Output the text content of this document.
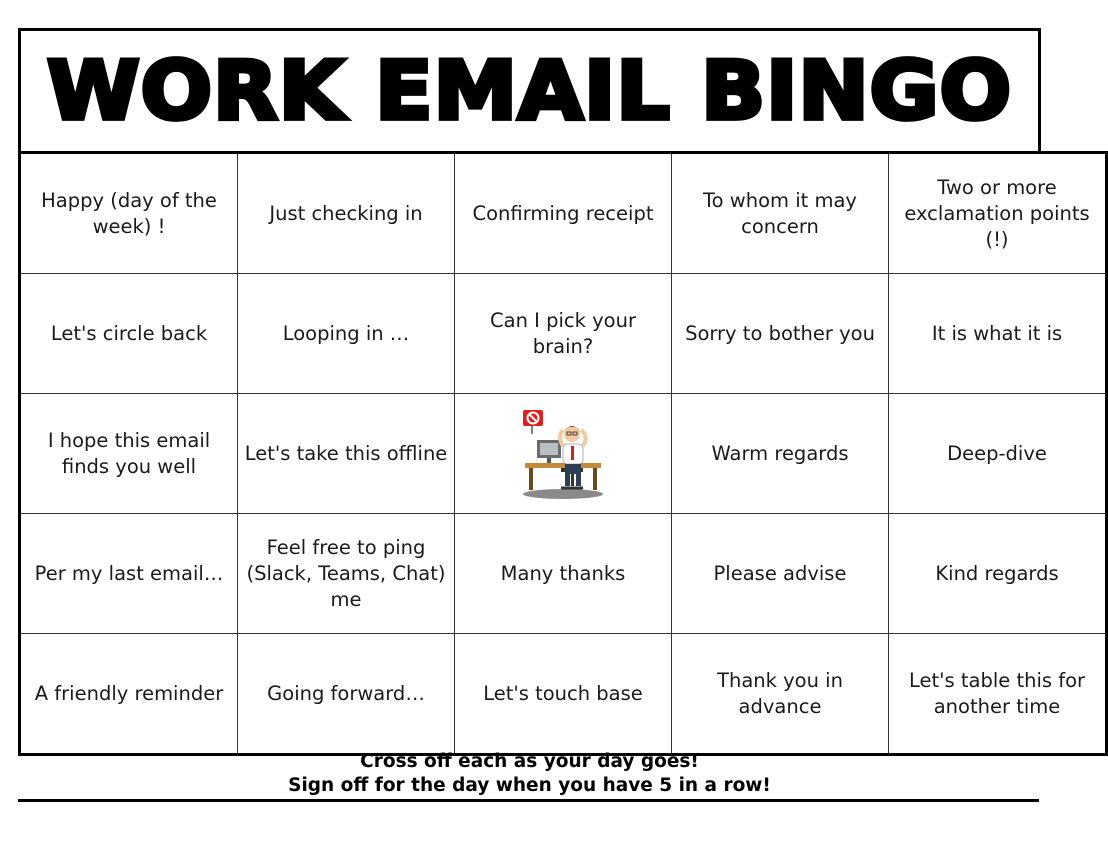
WORK EMAIL BINGO
Happy (day of the week) !	Just checking in	Confirming receipt	To whom it may concern	Two or more exclamation points (!)
Let's circle back	Looping in …	Can I pick your brain?	Sorry to bother you	It is what it is
I hope this email finds you well	Let's take this offline		Warm regards	Deep-dive
Per my last email…	Feel free to ping (Slack, Teams, Chat) me	Many thanks	Please advise	Kind regards
A friendly reminder	Going forward…	Let's touch base	Thank you in advance	Let's table this for another time
Cross off each as your day goes!
Sign off for the day when you have 5 in a row!
